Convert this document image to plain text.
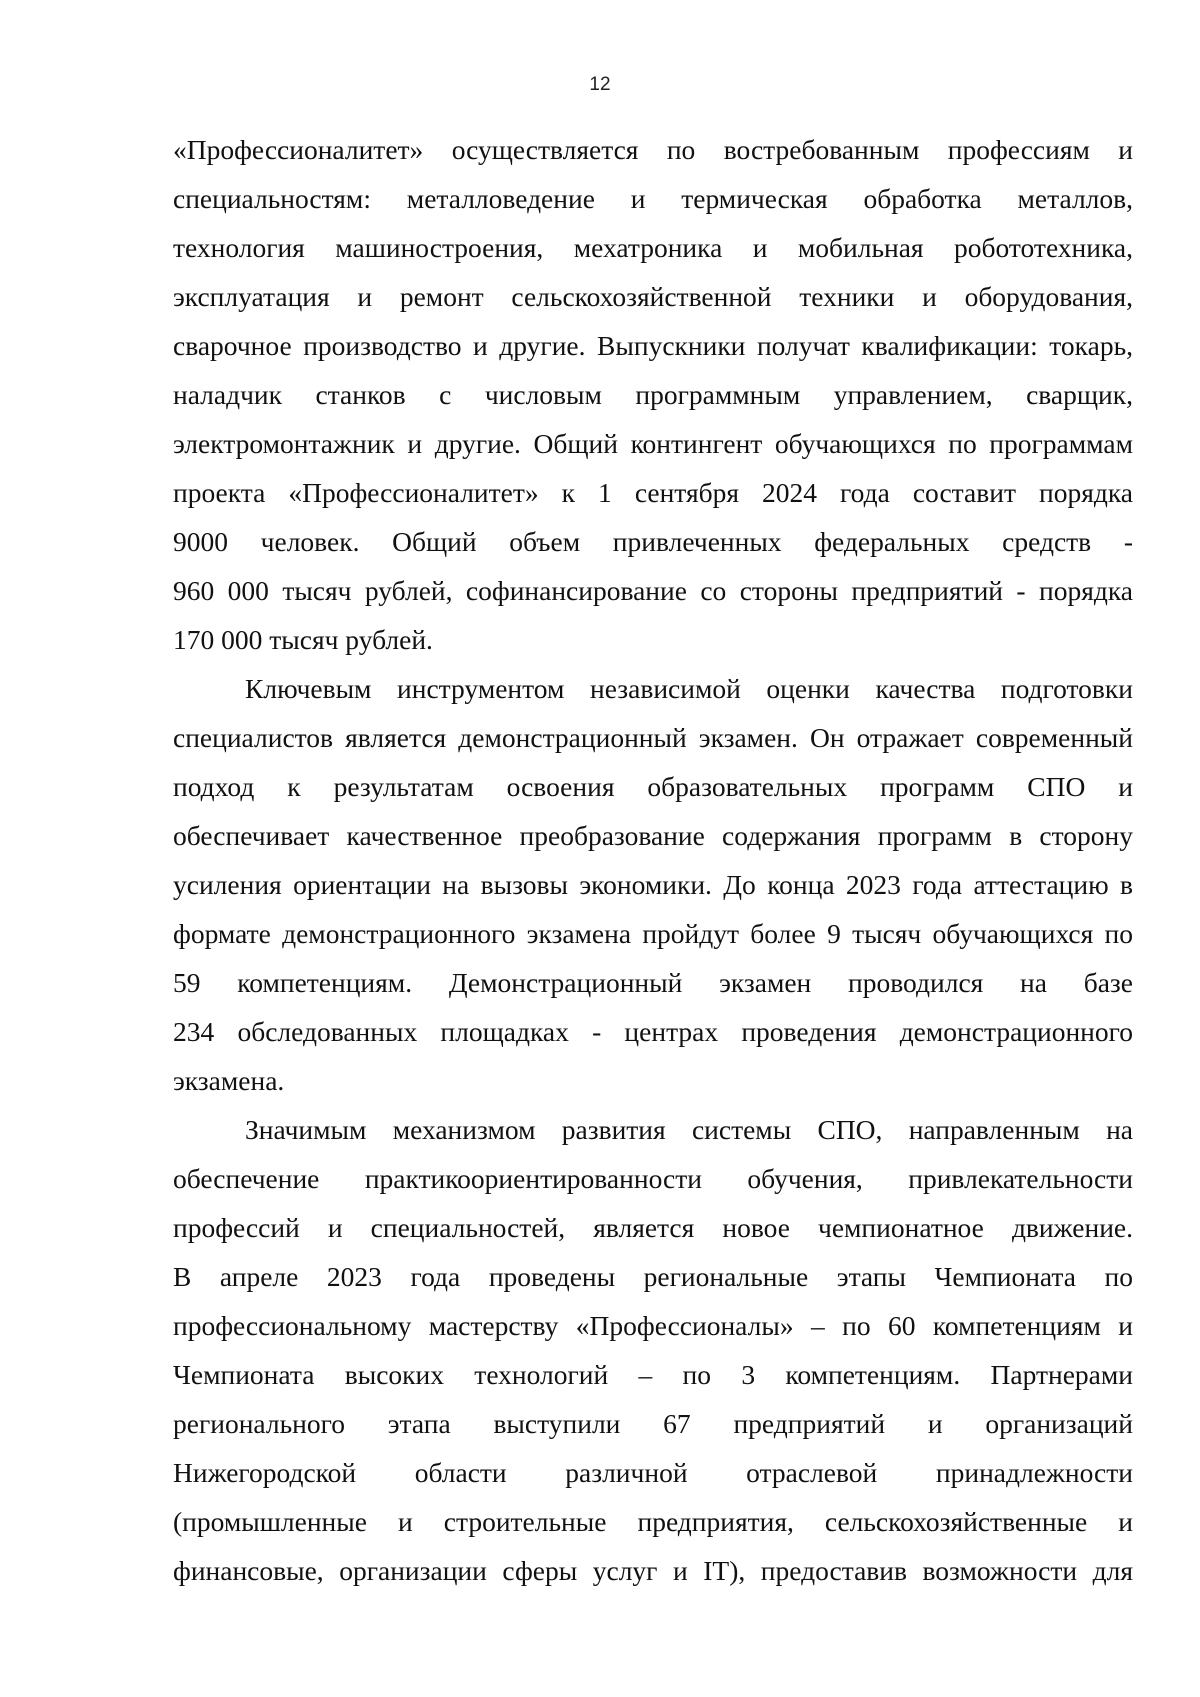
12
«Профессионалитет» осуществляется по востребованным профессиям и
специальностям: металловедение и термическая обработка металлов,
технология машиностроения, мехатроника и мобильная робототехника,
эксплуатация и ремонт сельскохозяйственной техники и оборудования,
сварочное производство и другие. Выпускники получат квалификации: токарь,
наладчик станков с числовым программным управлением, сварщик,
электромонтажник и другие. Общий контингент обучающихся по программам
проекта «Профессионалитет» к 1 сентября 2024 года составит порядка
9000 человек. Общий объем привлеченных федеральных средств -
960 000 тысяч рублей, софинансирование со стороны предприятий - порядка
170 000 тысяч рублей.
Ключевым инструментом независимой оценки качества подготовки
специалистов является демонстрационный экзамен. Он отражает современный
подход к результатам освоения образовательных программ СПО и
обеспечивает качественное преобразование содержания программ в сторону
усиления ориентации на вызовы экономики. До конца 2023 года аттестацию в
формате демонстрационного экзамена пройдут более 9 тысяч обучающихся по
59 компетенциям. Демонстрационный экзамен проводился на базе
234 обследованных площадках - центрах проведения демонстрационного
экзамена.
Значимым механизмом развития системы СПО, направленным на
обеспечение практикоориентированности обучения, привлекательности
профессий и специальностей, является новое чемпионатное движение.
В апреле 2023 года проведены региональные этапы Чемпионата по
профессиональному мастерству «Профессионалы» – по 60 компетенциям и
Чемпионата высоких технологий – по 3 компетенциям. Партнерами
регионального этапа выступили 67 предприятий и организаций
Нижегородской области различной отраслевой принадлежности
(промышленные и строительные предприятия, сельскохозяйственные и
финансовые, организации сферы услуг и IT), предоставив возможности для
